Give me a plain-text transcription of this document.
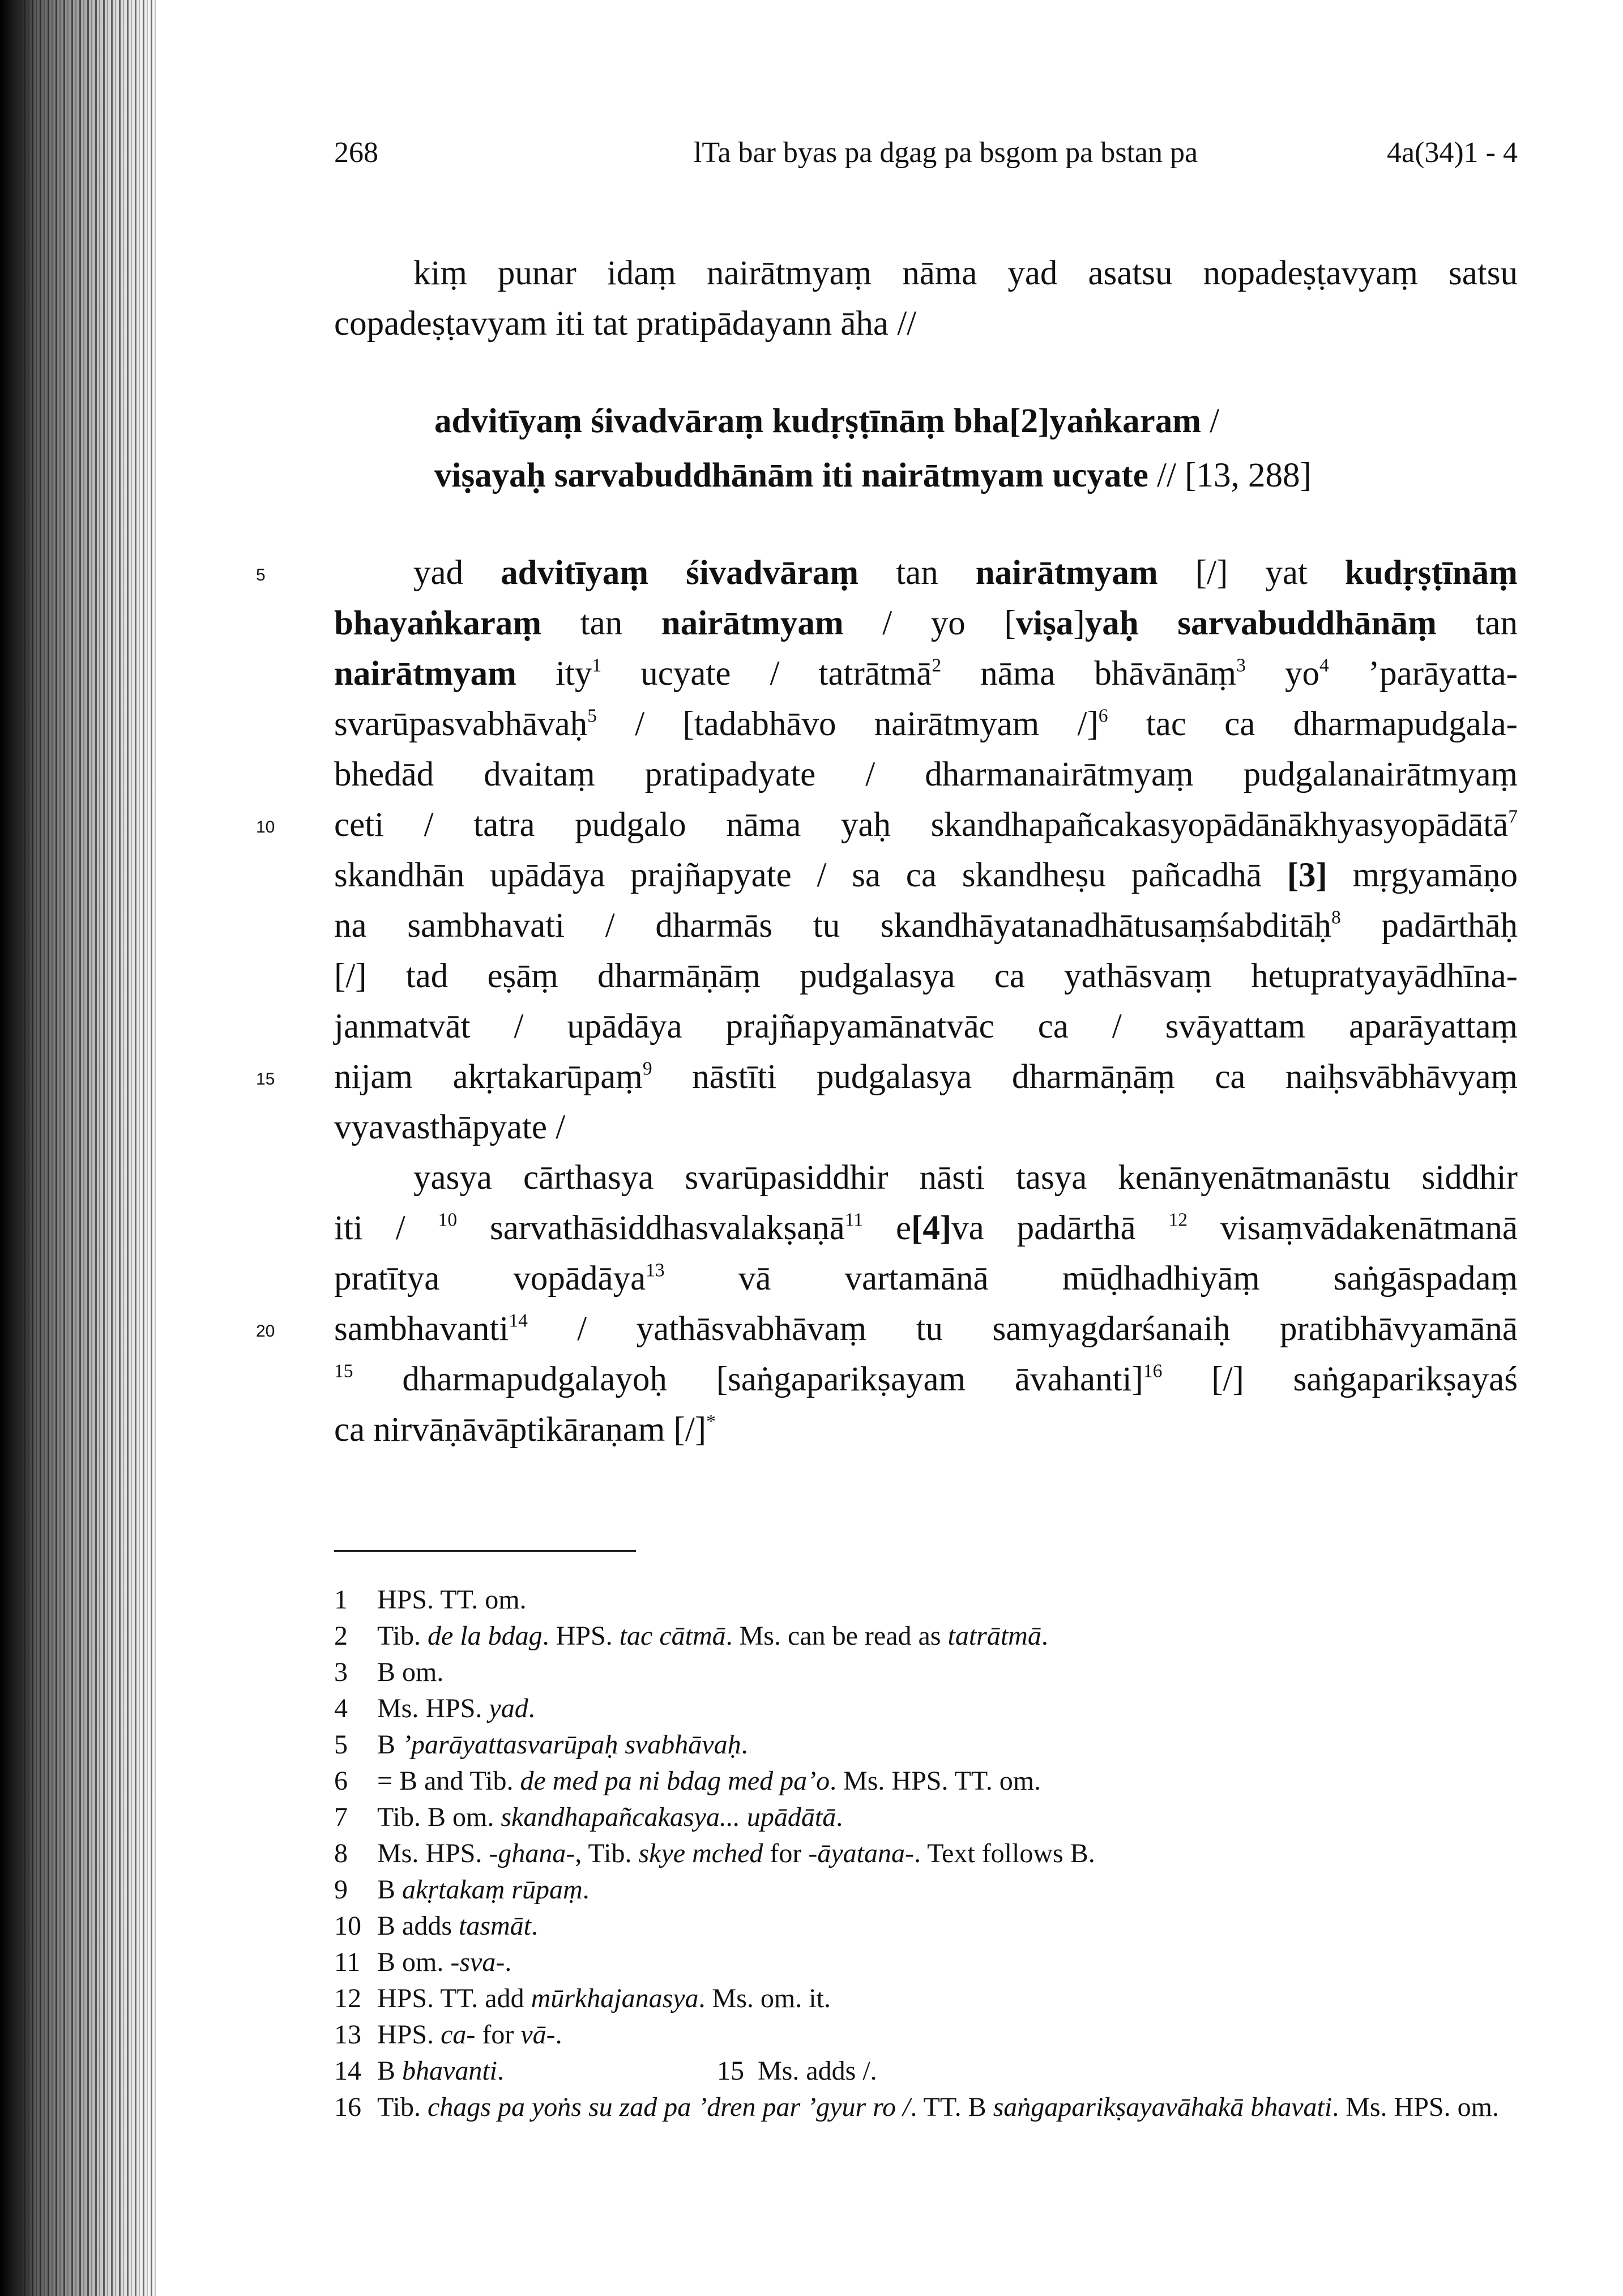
268	lTa bar byas pa dgag pa bsgom pa bstan pa	4a(34)1 - 4
kiṃ punar idaṃ nairātmyaṃ nāma yad asatsu nopadeṣṭavyaṃ satsu
copadeṣṭavyam iti tat pratipādayann āha //
advitīyaṃ śivadvāraṃ kudṛṣṭīnāṃ bha[2]yaṅkaram /
viṣayaḥ sarvabuddhānām iti nairātmyam ucyate // [13, 288]
5	yad advitīyaṃ śivadvāraṃ tan nairātmyam [/] yat kudṛṣṭīnāṃ
bhayaṅkaraṃ tan nairātmyam / yo [viṣa]yaḥ sarvabuddhānāṃ tan
nairātmyam ity$^1$ ucyate / tatrātmā$^2$ nāma bhāvānāṃ$^3$ $yo^4$ ’parāyatta-
svarūpasvabhāvaḥ$^5$ / [tadabhāvo nairātmyam /]$^6$ tac ca dharmapudgala-
bhedād dvaitaṃ pratipadyate / dharmanairātmyaṃ pudgalanairātmyaṃ
10 ceti / tatra pudgalo nāma yaḥ skandhapañcakasyopādānākhyasyopādātā$^7$
skandhān upādāya prajñapyate / sa ca skandheṣu pañcadhā [3] mṛgyamāṇo
na sambhavati / dharmās tu skandhāyatanadhātusaṃśabditāḥ$^8$ padārthāḥ
[/] tad eṣāṃ dharmāṇāṃ pudgalasya ca yathāsvaṃ hetupratyayādhīna-
janmatvāt / upādāya prajñapyamānatvāc ca / svāyattam aparāyattaṃ
15 nijam akṛtakarūpaṃ$^9$ nāstīti pudgalasya dharmāṇāṃ ca naiḥsvābhāvyaṃ
vyavasthāpyate /
yasya cārthasya svarūpasiddhir nāsti tasya kenānyenātmanāstu siddhir
iti / $^{10}$ sarvathāsiddhasvalakṣaṇā$^{11}$ e[4]va padārthā $^{12}$ visaṃvādakenātmanā
pratītya vopādāya$^{13}$ vā vartamānā mūḍhadhiyāṃ saṅgāspadaṃ
20 sambhavanti$^{14}$ / yathāsvabhāvaṃ tu samyagdarśanaiḥ pratibhāvyamānā
$^{15}$ dharmapudgalayoḥ [saṅgaparikṣayam āvahanti]$^{16}$ [/] saṅgaparikṣayaś
ca nirvāṇāvāptikāraṇam [/]*
1 HPS. TT. om.
2 Tib. de la bdag. HPS. tac cātmā. Ms. can be read as tatrātmā.
3 B om.
4 Ms. HPS. yad.
5 B ’parāyattasvarūpaḥ svabhāvaḥ.
6 = B and Tib. de med pa ni bdag med pa’o. Ms. HPS. TT. om.
7 Tib. B om. skandhapañcakasya... upādātā.
8 Ms. HPS. -ghana-, Tib. skye mched for -āyatana-. Text follows B.
9 B akṛtakaṃ rūpaṃ.
10 B adds tasmāt.
11 B om. -sva-.
12 HPS. TT. add mūrkhajanasya. Ms. om. it.
13 HPS. ca- for vā-.
14 B bhavanti.	15 Ms. adds /.
16 Tib. chags pa yoṅs su zad pa ’dren par ’gyur ro /. TT. B saṅgaparikṣayavāhakā bhavati. Ms. HPS. om.
